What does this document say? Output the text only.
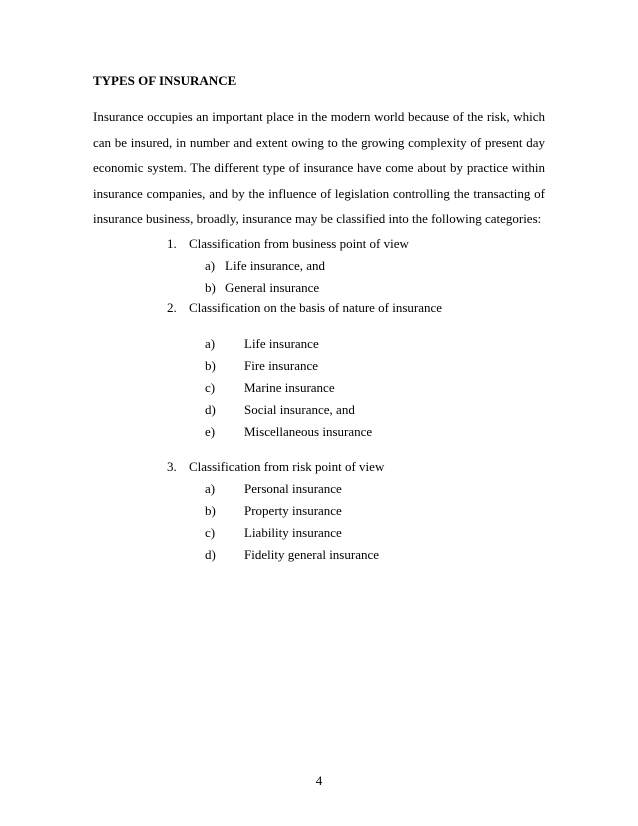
TYPES OF INSURANCE
Insurance occupies an important place in the modern world because of the risk, which
can be insured, in number and extent owing to the growing complexity of present day
economic system. The different type of insurance have come about by practice within
insurance companies, and by the influence of legislation controlling the transacting of
insurance business, broadly, insurance may be classified into the following categories:
1. Classification from business point of view
a) Life insurance, and
b) General insurance
2. Classification on the basis of nature of insurance
a) Life insurance
b) Fire insurance
c) Marine insurance
d) Social insurance, and
e) Miscellaneous insurance
3. Classification from risk point of view
a) Personal insurance
b) Property insurance
c) Liability insurance
d) Fidelity general insurance
4
